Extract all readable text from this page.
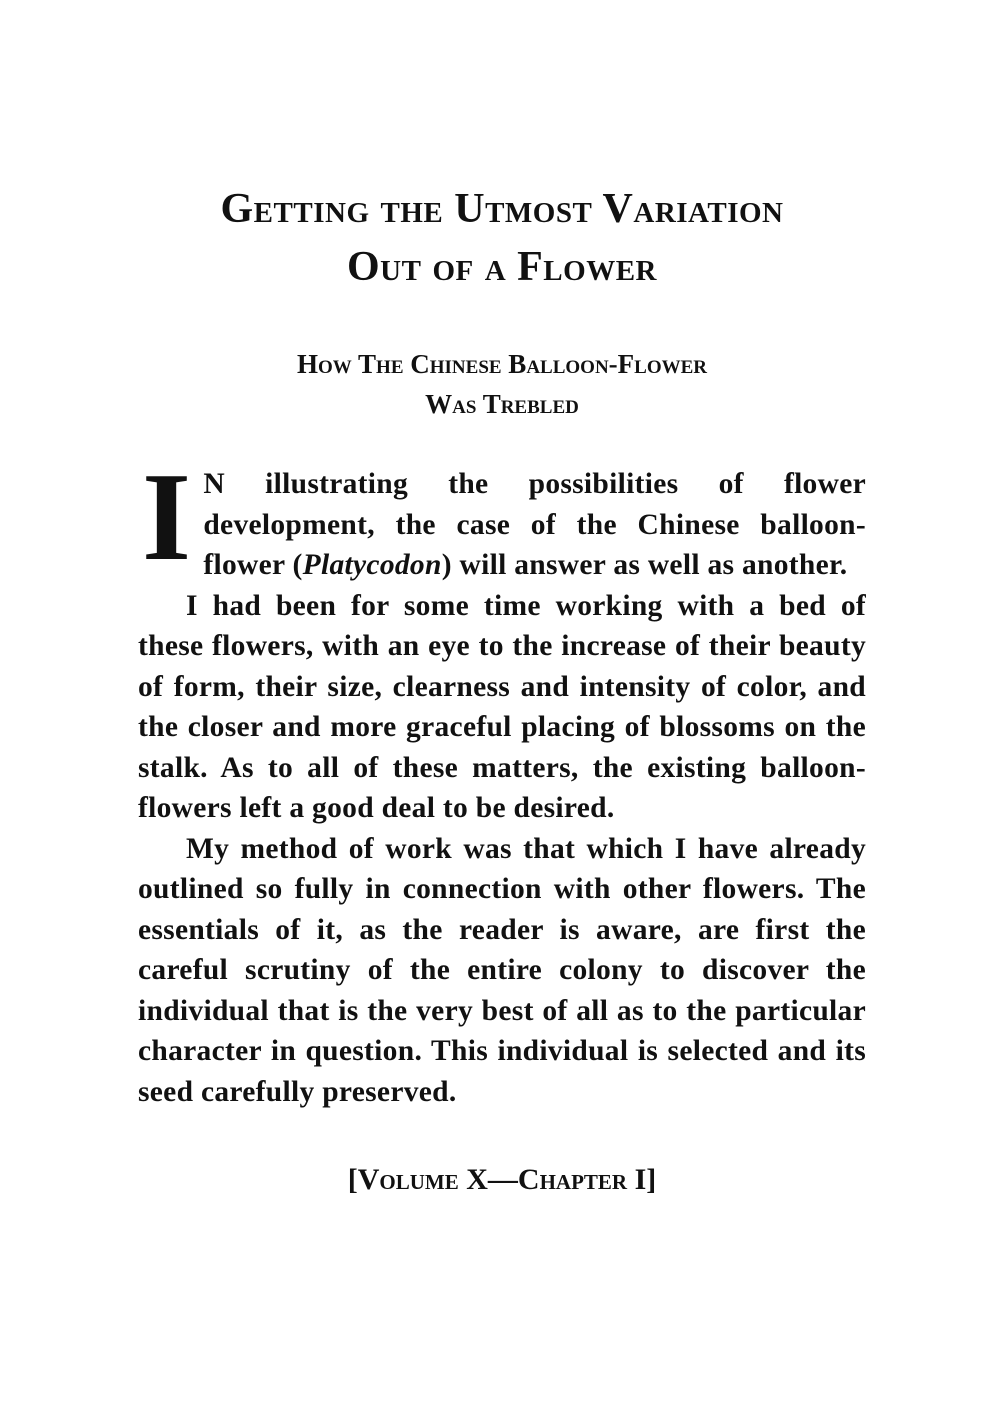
Getting the Utmost Variation
Out of a Flower
How The Chinese Balloon-Flower
Was Trebled

I N illustrating the possibilities of flower development, the case of the Chinese balloon-flower (Platycodon) will answer as well as another.

I had been for some time working with a bed of these flowers, with an eye to the increase of their beauty of form, their size, clearness and intensity of color, and the closer and more graceful placing of blossoms on the stalk. As to all of these matters, the existing balloon-flowers left a good deal to be desired.

My method of work was that which I have already outlined so fully in connection with other flowers. The essentials of it, as the reader is aware, are first the careful scrutiny of the entire colony to discover the individual that is the very best of all as to the particular character in question. This individual is selected and its seed carefully preserved.

[Volume X—Chapter I]
